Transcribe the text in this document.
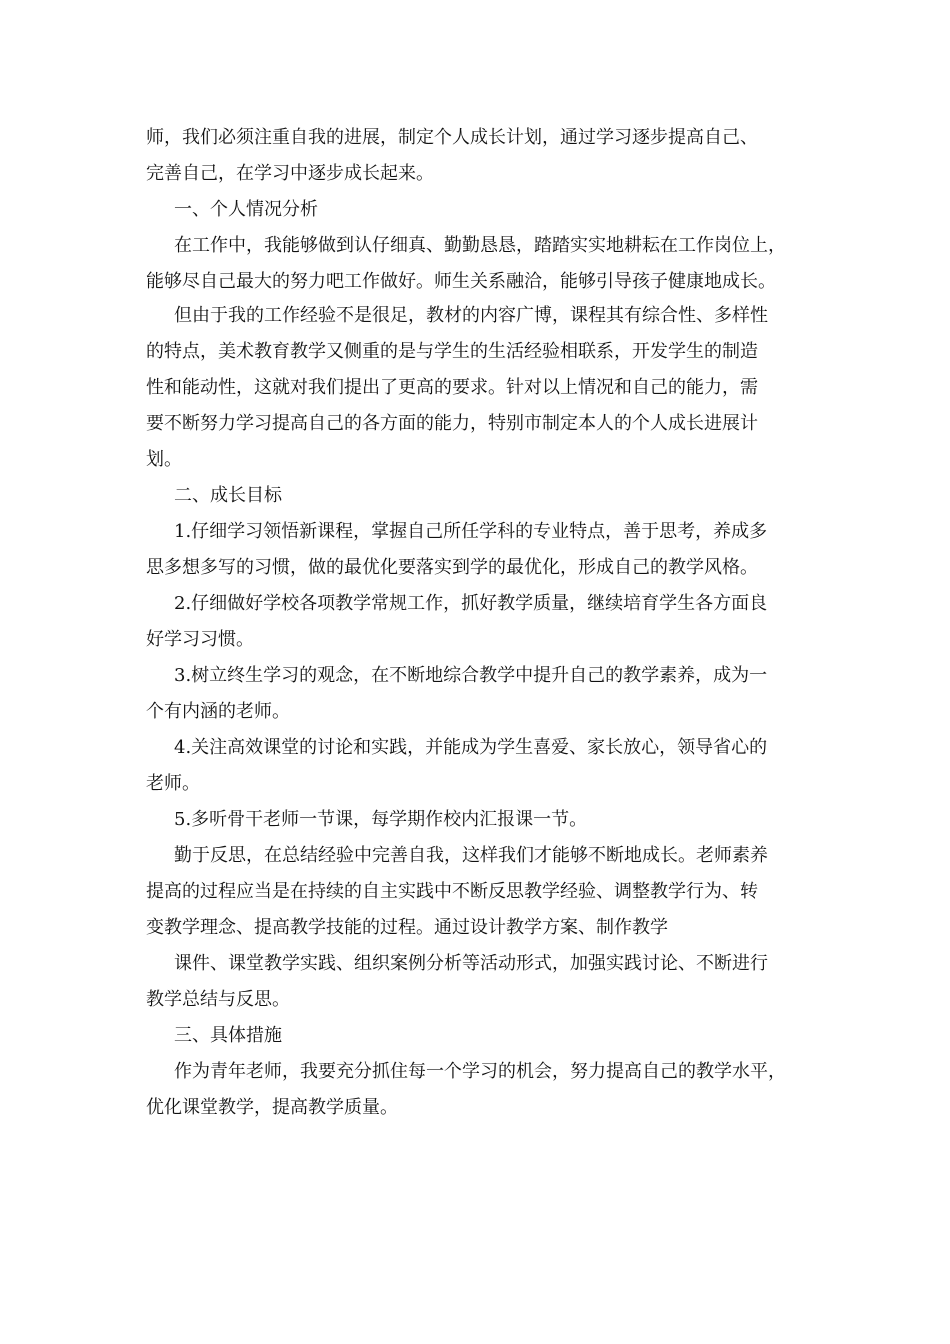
师，我们必须注重自我的进展，制定个人成长计划，通过学习逐步提高自己、

完善自己，在学习中逐步成长起来。

一、个人情况分析

在工作中，我能够做到认仔细真、勤勤恳恳，踏踏实实地耕耘在工作岗位上，

能够尽自己最大的努力吧工作做好。师生关系融洽，能够引导孩子健康地成长。

但由于我的工作经验不是很足，教材的内容广博，课程其有综合性、多样性

的特点，美术教育教学又侧重的是与学生的生活经验相联系，开发学生的制造

性和能动性，这就对我们提出了更高的要求。针对以上情况和自己的能力，需

要不断努力学习提高自己的各方面的能力，特别市制定本人的个人成长进展计

划。

二、成长目标

1.仔细学习领悟新课程，掌握自己所任学科的专业特点，善于思考，养成多

思多想多写的习惯，做的最优化要落实到学的最优化，形成自己的教学风格。

2.仔细做好学校各项教学常规工作，抓好教学质量，继续培育学生各方面良

好学习习惯。

3.树立终生学习的观念，在不断地综合教学中提升自己的教学素养，成为一

个有内涵的老师。

4.关注高效课堂的讨论和实践，并能成为学生喜爱、家长放心，领导省心的

老师。

5.多听骨干老师一节课，每学期作校内汇报课一节。

勤于反思，在总结经验中完善自我，这样我们才能够不断地成长。老师素养

提高的过程应当是在持续的自主实践中不断反思教学经验、调整教学行为、转

变教学理念、提高教学技能的过程。通过设计教学方案、制作教学

课件、课堂教学实践、组织案例分析等活动形式，加强实践讨论、不断进行

教学总结与反思。

三、具体措施

作为青年老师，我要充分抓住每一个学习的机会，努力提高自己的教学水平，

优化课堂教学，提高教学质量。
